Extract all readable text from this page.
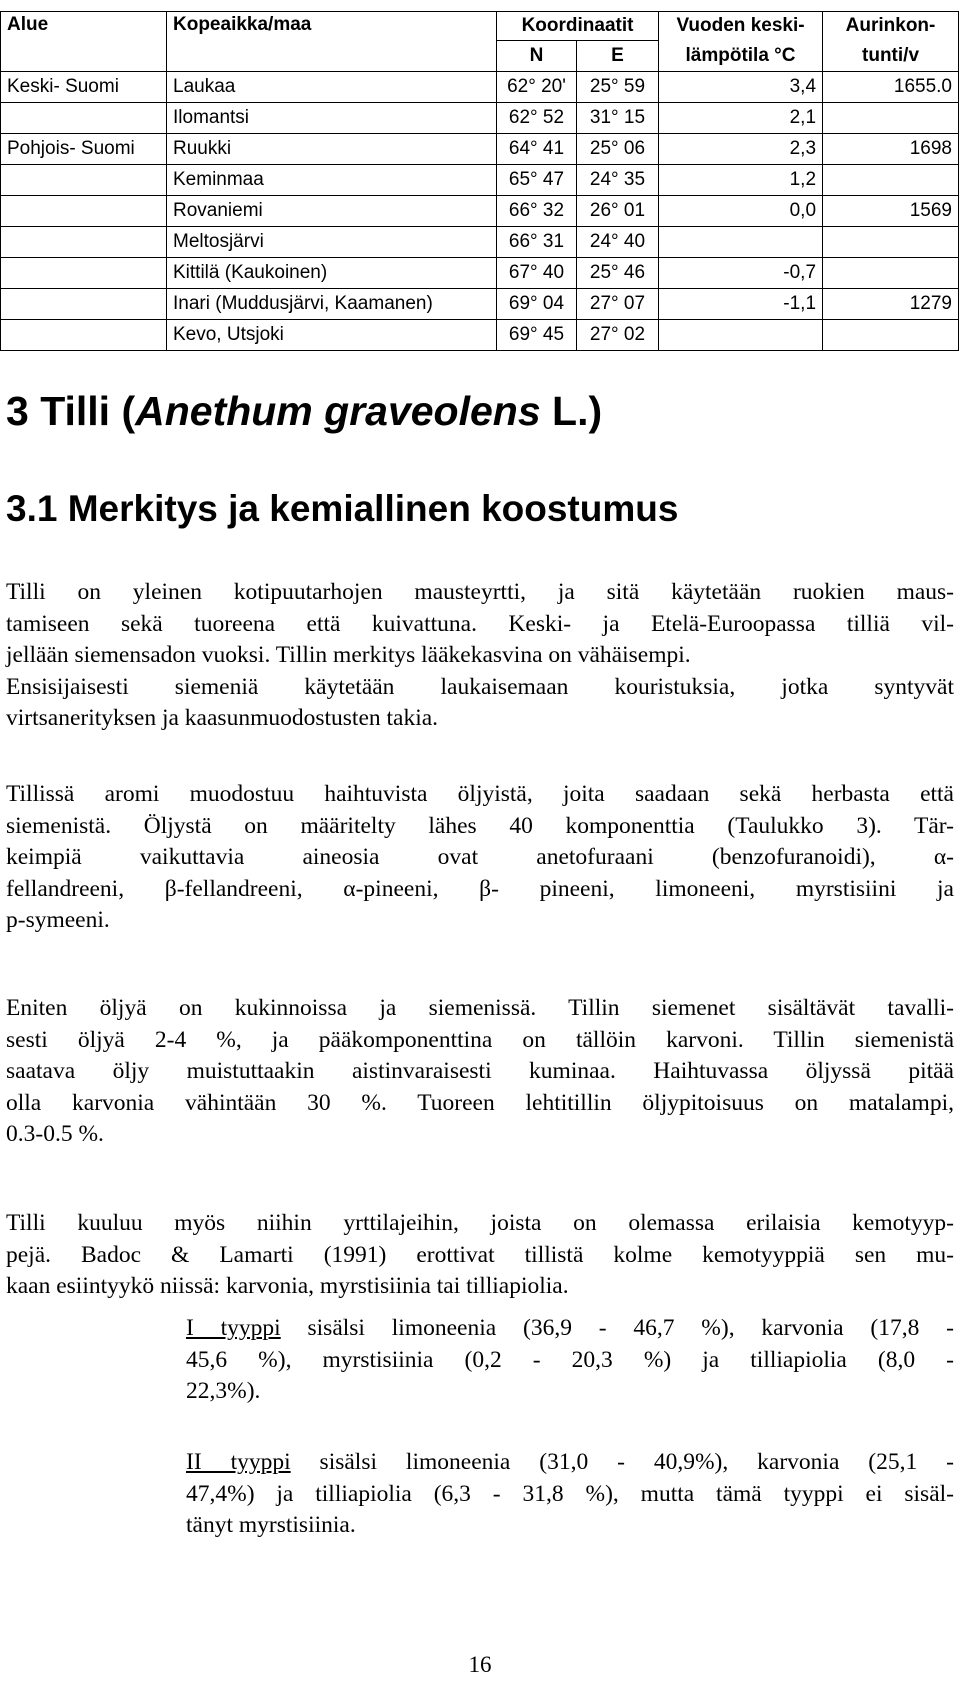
Alue	Kopeaikka/maa	Koordinaatit		Vuoden keski-	Aurinkon-
		N	E	lämpötila °C	tunti/v
Keski- Suomi	Laukaa	62° 20'	25° 59	3,4	1655.0
	Ilomantsi	62° 52	31° 15	2,1	
Pohjois- Suomi	Ruukki	64° 41	25° 06	2,3	1698
	Keminmaa	65° 47	24° 35	1,2	
	Rovaniemi	66° 32	26° 01	0,0	1569
	Meltosjärvi	66° 31	24° 40		
	Kittilä (Kaukoinen)	67° 40	25° 46	-0,7	
	Inari (Muddusjärvi, Kaamanen)	69° 04	27° 07	-1,1	1279
	Kevo, Utsjoki	69° 45	27° 02		
3 Tilli (Anethum graveolens L.)
3.1 Merkitys ja kemiallinen koostumus
Tilli on yleinen kotipuutarhojen mausteyrtti, ja sitä käytetään ruokien maus-
tamiseen sekä tuoreena että kuivattuna. Keski- ja Etelä-Euroopassa tilliä vil-
jellään siemensadon vuoksi. Tillin merkitys lääkekasvina on vähäisempi.
Ensisijaisesti siemeniä käytetään laukaisemaan kouristuksia, jotka syntyvät
virtsanerityksen ja kaasunmuodostusten takia.
Tillissä aromi muodostuu haihtuvista öljyistä, joita saadaan sekä herbasta että
siemenistä. Öljystä on määritelty lähes 40 komponenttia (Taulukko 3). Tär-
keimpiä vaikuttavia aineosia ovat anetofuraani (benzofuranoidi), α-
fellandreeni, β-fellandreeni, α-pineeni, β- pineeni, limoneeni, myrstisiini ja
p-symeeni.
Eniten öljyä on kukinnoissa ja siemenissä. Tillin siemenet sisältävät tavalli-
sesti öljyä 2-4 %, ja pääkomponenttina on tällöin karvoni. Tillin siemenistä
saatava öljy muistuttaakin aistinvaraisesti kuminaa. Haihtuvassa öljyssä pitää
olla karvonia vähintään 30 %. Tuoreen lehtitillin öljypitoisuus on matalampi,
0.3-0.5 %.
Tilli kuuluu myös niihin yrttilajeihin, joista on olemassa erilaisia kemotyyp-
pejä. Badoc & Lamarti (1991) erottivat tillistä kolme kemotyyppiä sen mu-
kaan esiintyykö niissä: karvonia, myrstisiinia tai tilliapiolia.
I tyyppi sisälsi limoneenia (36,9 - 46,7 %), karvonia (17,8 -
45,6 %), myrstisiinia (0,2 - 20,3 %) ja tilliapiolia (8,0 -
22,3%).
II tyyppi sisälsi limoneenia (31,0 - 40,9%), karvonia (25,1 -
47,4%) ja tilliapiolia (6,3 - 31,8 %), mutta tämä tyyppi ei sisäl-
tänyt myrstisiinia.
16
